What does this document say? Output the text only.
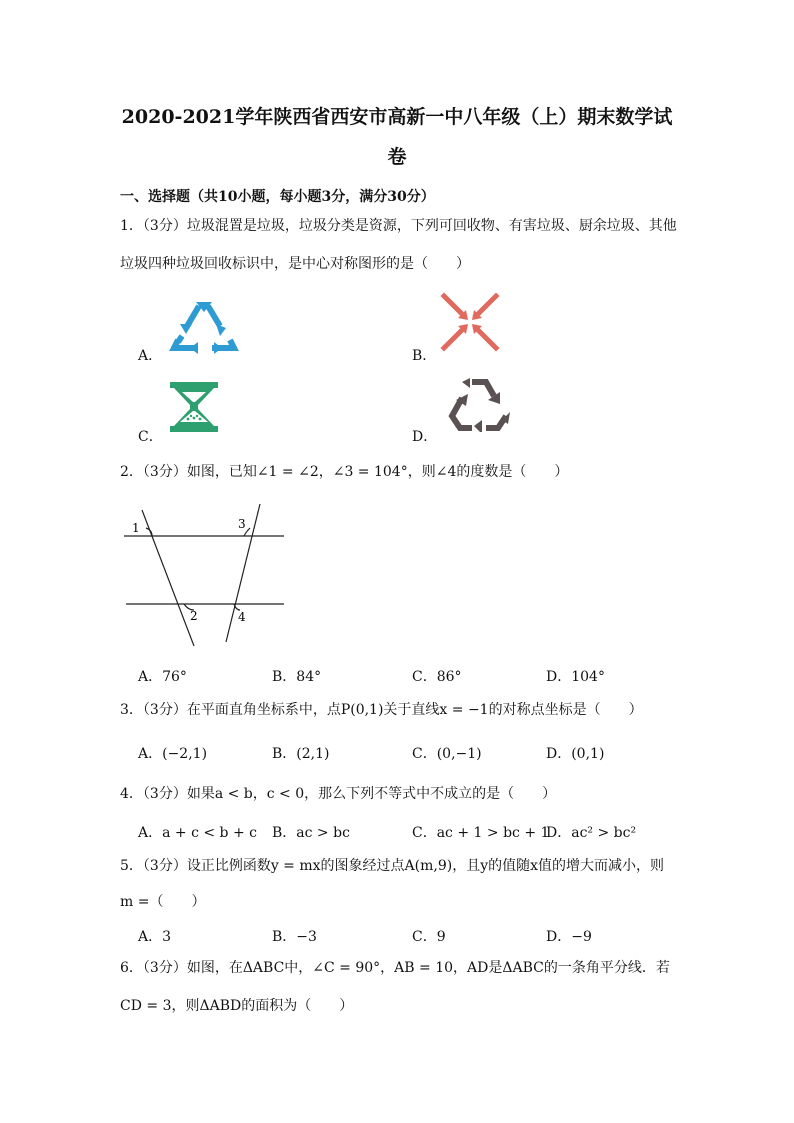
2020-2021学年陕西省西安市高新一中八年级（上）期末数学试
卷
一、选择题（共10小题，每小题3分，满分30分）
1．（3分）垃圾混置是垃圾，垃圾分类是资源，下列可回收物、有害垃圾、厨余垃圾、其他
垃圾四种垃圾回收标识中，是中心对称图形的是（　　）
A．	B．
C．	D．
2．（3分）如图，已知∠1 = ∠2，∠3 = 104°，则∠4的度数是（　　）
1	3
2	4
A．76°	B．84°	C．86°	D．104°
3．（3分）在平面直角坐标系中，点P(0,1)关于直线x = −1的对称点坐标是（　　）
A．(−2,1)	B．(2,1)	C．(0,−1)	D．(0,1)
4．（3分）如果a < b，c < 0，那么下列不等式中不成立的是（　　）
A．a + c < b + c B．ac > bc	C．ac + 1 > bc + 1
D．ac² > bc²
5．（3分）设正比例函数y = mx的图象经过点A(m,9)，且y的值随x值的增大而减小，则
m =（　　）
A．3	B．−3	C．9	D．−9
6．（3分）如图，在ΔABC中，∠C = 90°，AB = 10，AD是ΔABC的一条角平分线．若
CD = 3，则ΔABD的面积为（　　）
